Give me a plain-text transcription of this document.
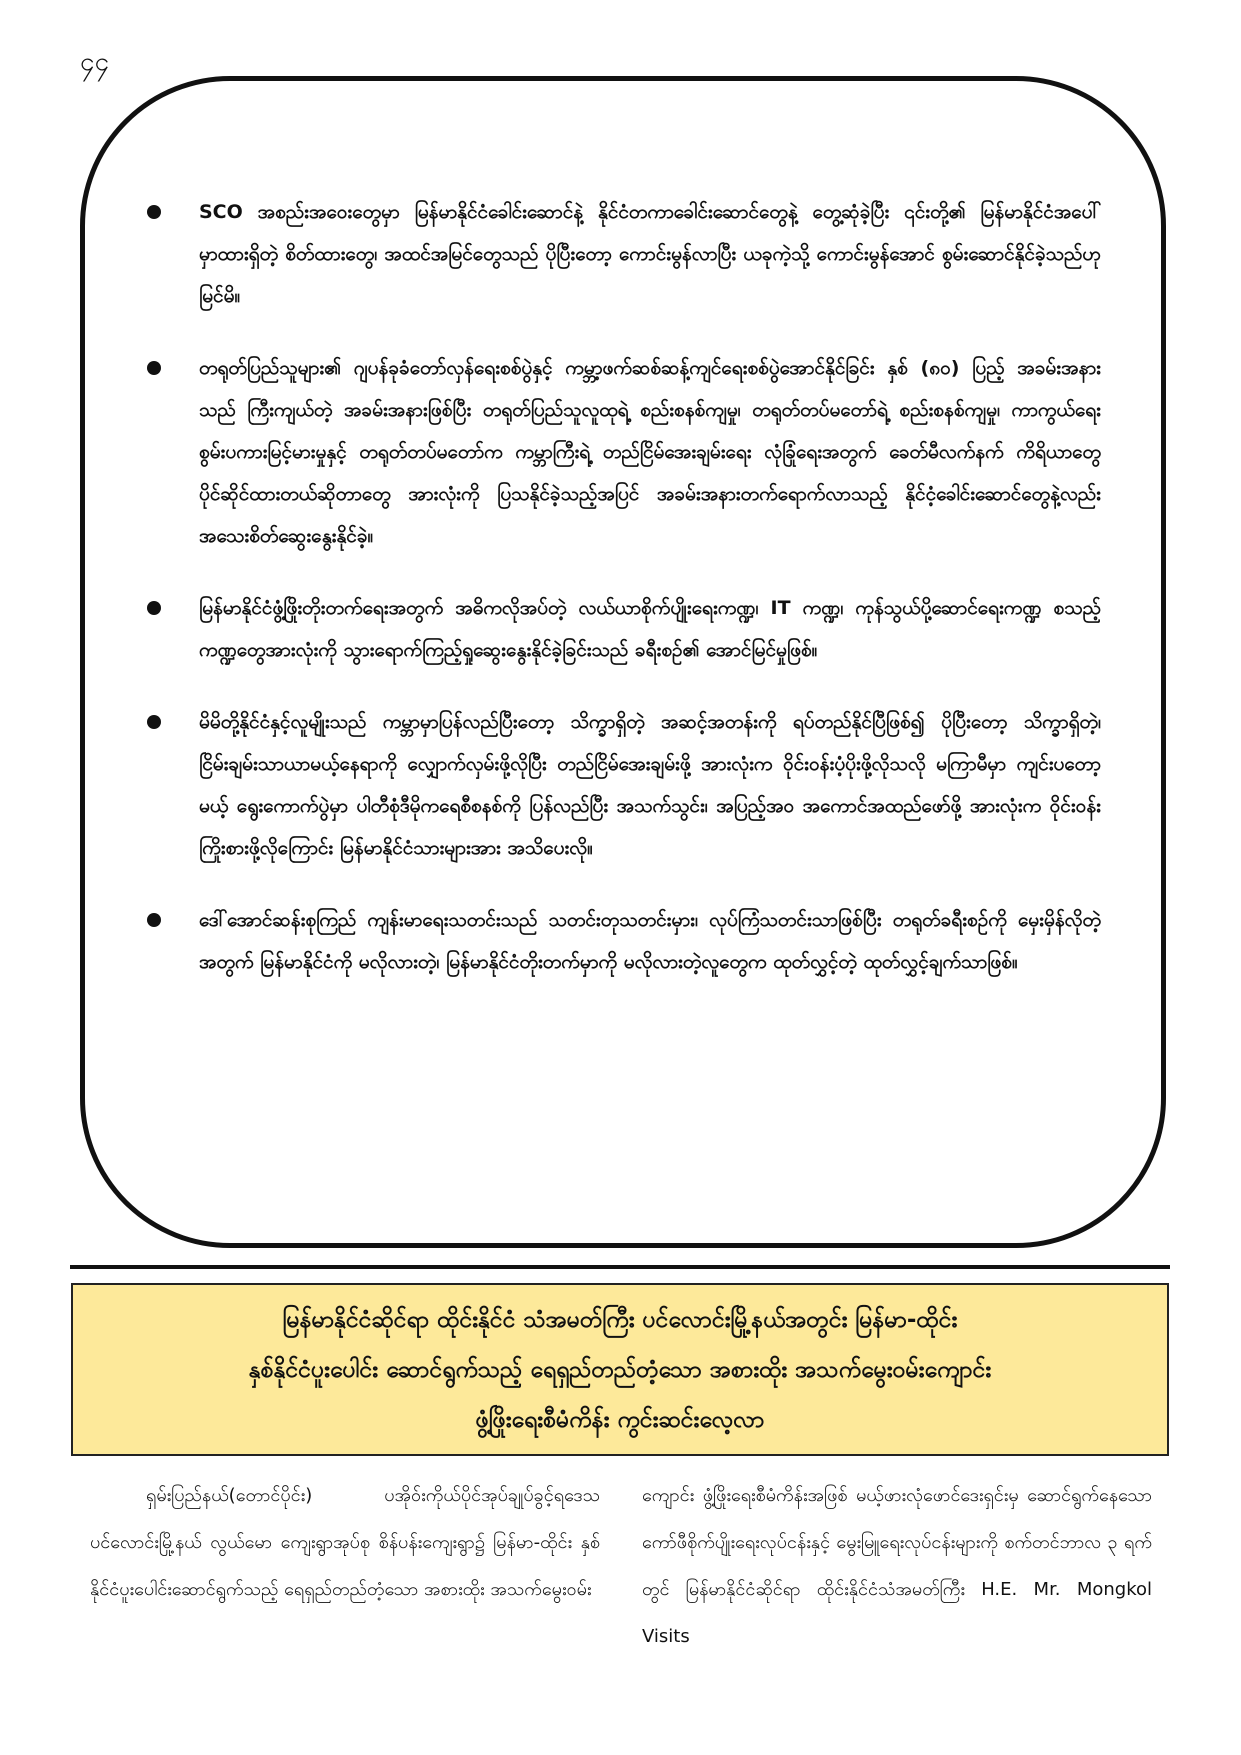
၄၄
SCO အစည်းအဝေးတွေမှာ မြန်မာနိုင်ငံခေါင်းဆောင်နဲ့ နိုင်ငံတကာခေါင်းဆောင်တွေနဲ့ တွေ့ဆုံခဲ့ပြီး ၎င်းတို့၏ မြန်မာနိုင်ငံအပေါ် မှာထားရှိတဲ့ စိတ်ထားတွေ၊ အထင်အမြင်တွေသည် ပိုပြီးတော့ ကောင်းမွန်လာပြီး ယခုကဲ့သို့ ကောင်းမွန်အောင် စွမ်းဆောင်နိုင်ခဲ့သည်ဟုမြင်မိ။
တရုတ်ပြည်သူများ၏ ဂျပန်ခုခံတော်လှန်ရေးစစ်ပွဲနှင့် ကမ္ဘာ့ဖက်ဆစ်ဆန့်ကျင်ရေးစစ်ပွဲအောင်နိုင်ခြင်း နှစ် (၈၀) ပြည့် အခမ်းအနားသည် ကြီးကျယ်တဲ့ အခမ်းအနားဖြစ်ပြီး တရုတ်ပြည်သူလူထုရဲ့ စည်းစနစ်ကျမှု၊ တရုတ်တပ်မတော်ရဲ့ စည်းစနစ်ကျမှု၊ ကာကွယ်ရေးစွမ်းပကားမြင့်မားမှုနှင့် တရုတ်တပ်မတော်က ကမ္ဘာကြီးရဲ့ တည်ငြိမ်အေးချမ်းရေး လုံခြုံရေးအတွက် ခေတ်မီလက်နက် ကိရိယာတွေပိုင်ဆိုင်ထားတယ်ဆိုတာတွေ အားလုံးကို ပြသနိုင်ခဲ့သည့်အပြင် အခမ်းအနားတက်ရောက်လာသည့် နိုင်ငံ့ခေါင်းဆောင်တွေနဲ့လည်း အသေးစိတ်ဆွေးနွေးနိုင်ခဲ့။
မြန်မာနိုင်ငံဖွံ့ဖြိုးတိုးတက်ရေးအတွက် အဓိကလိုအပ်တဲ့ လယ်ယာစိုက်ပျိုးရေးကဏ္ဍ၊ IT ကဏ္ဍ၊ ကုန်သွယ်ပို့ဆောင်ရေးကဏ္ဍ စသည့်ကဏ္ဍတွေအားလုံးကို သွားရောက်ကြည့်ရှုဆွေးနွေးနိုင်ခဲ့ခြင်းသည် ခရီးစဉ်၏ အောင်မြင်မှုဖြစ်။
မိမိတို့နိုင်ငံနှင့်လူမျိုးသည် ကမ္ဘာမှာပြန်လည်ပြီးတော့ သိက္ခာရှိတဲ့ အဆင့်အတန်းကို ရပ်တည်နိုင်ပြီဖြစ်၍ ပိုပြီးတော့ သိက္ခာရှိတဲ့၊ ငြိမ်းချမ်းသာယာမယ့်နေရာကို လျှောက်လှမ်းဖို့လိုပြီး တည်ငြိမ်အေးချမ်းဖို့ အားလုံးက ဝိုင်းဝန်းပံ့ပိုးဖို့လိုသလို မကြာမီမှာ ကျင်းပတော့မယ့် ရွေးကောက်ပွဲမှာ ပါတီစုံဒီမိုကရေစီစနစ်ကို ပြန်လည်ပြီး အသက်သွင်း၊ အပြည့်အဝ အကောင်အထည်ဖော်ဖို့ အားလုံးက ဝိုင်းဝန်းကြိုးစားဖို့လိုကြောင်း မြန်မာနိုင်ငံသားများအား အသိပေးလို။
ဒေါ်အောင်ဆန်းစုကြည် ကျန်းမာရေးသတင်းသည် သတင်းတုသတင်းမှား၊ လုပ်ကြံသတင်းသာဖြစ်ပြီး တရုတ်ခရီးစဉ်ကို မှေးမှိန်လိုတဲ့အတွက် မြန်မာနိုင်ငံကို မလိုလားတဲ့၊ မြန်မာနိုင်ငံတိုးတက်မှာကို မလိုလားတဲ့လူတွေက ထုတ်လွှင့်တဲ့ ထုတ်လွှင့်ချက်သာဖြစ်။
မြန်မာနိုင်ငံဆိုင်ရာ ထိုင်းနိုင်ငံ သံအမတ်ကြီး ပင်လောင်းမြို့နယ်အတွင်း မြန်မာ-ထိုင်း
နှစ်နိုင်ငံပူးပေါင်း ဆောင်ရွက်သည့် ရေရှည်တည်တံ့သော အစားထိုး အသက်မွေးဝမ်းကျောင်း
ဖွံ့ဖြိုးရေးစီမံကိန်း ကွင်းဆင်းလေ့လာ
ရှမ်းပြည်နယ်(တောင်ပိုင်း) ပအိုဝ်းကိုယ်ပိုင်အုပ်ချုပ်ခွင့်ရဒေသ ပင်လောင်းမြို့နယ် လွယ်မော ကျေးရွာအုပ်စု စိန်ပန်းကျေးရွာ၌ မြန်မာ-ထိုင်း နှစ်နိုင်ငံပူးပေါင်းဆောင်ရွက်သည့် ရေရှည်တည်တံ့သော အစားထိုး အသက်မွေးဝမ်း
ကျောင်း ဖွံ့ဖြိုးရေးစီမံကိန်းအဖြစ် မယ့်ဖားလုံဖောင်ဒေးရှင်းမှ ဆောင်ရွက်နေသော ကော်ဖီစိုက်ပျိုးရေးလုပ်ငန်းနှင့် မွေးမြူရေးလုပ်ငန်းများကို စက်တင်ဘာလ ၃ ရက်တွင် မြန်မာနိုင်ငံဆိုင်ရာ ထိုင်းနိုင်ငံသံအမတ်ကြီး H.E. Mr. Mongkol Visits
